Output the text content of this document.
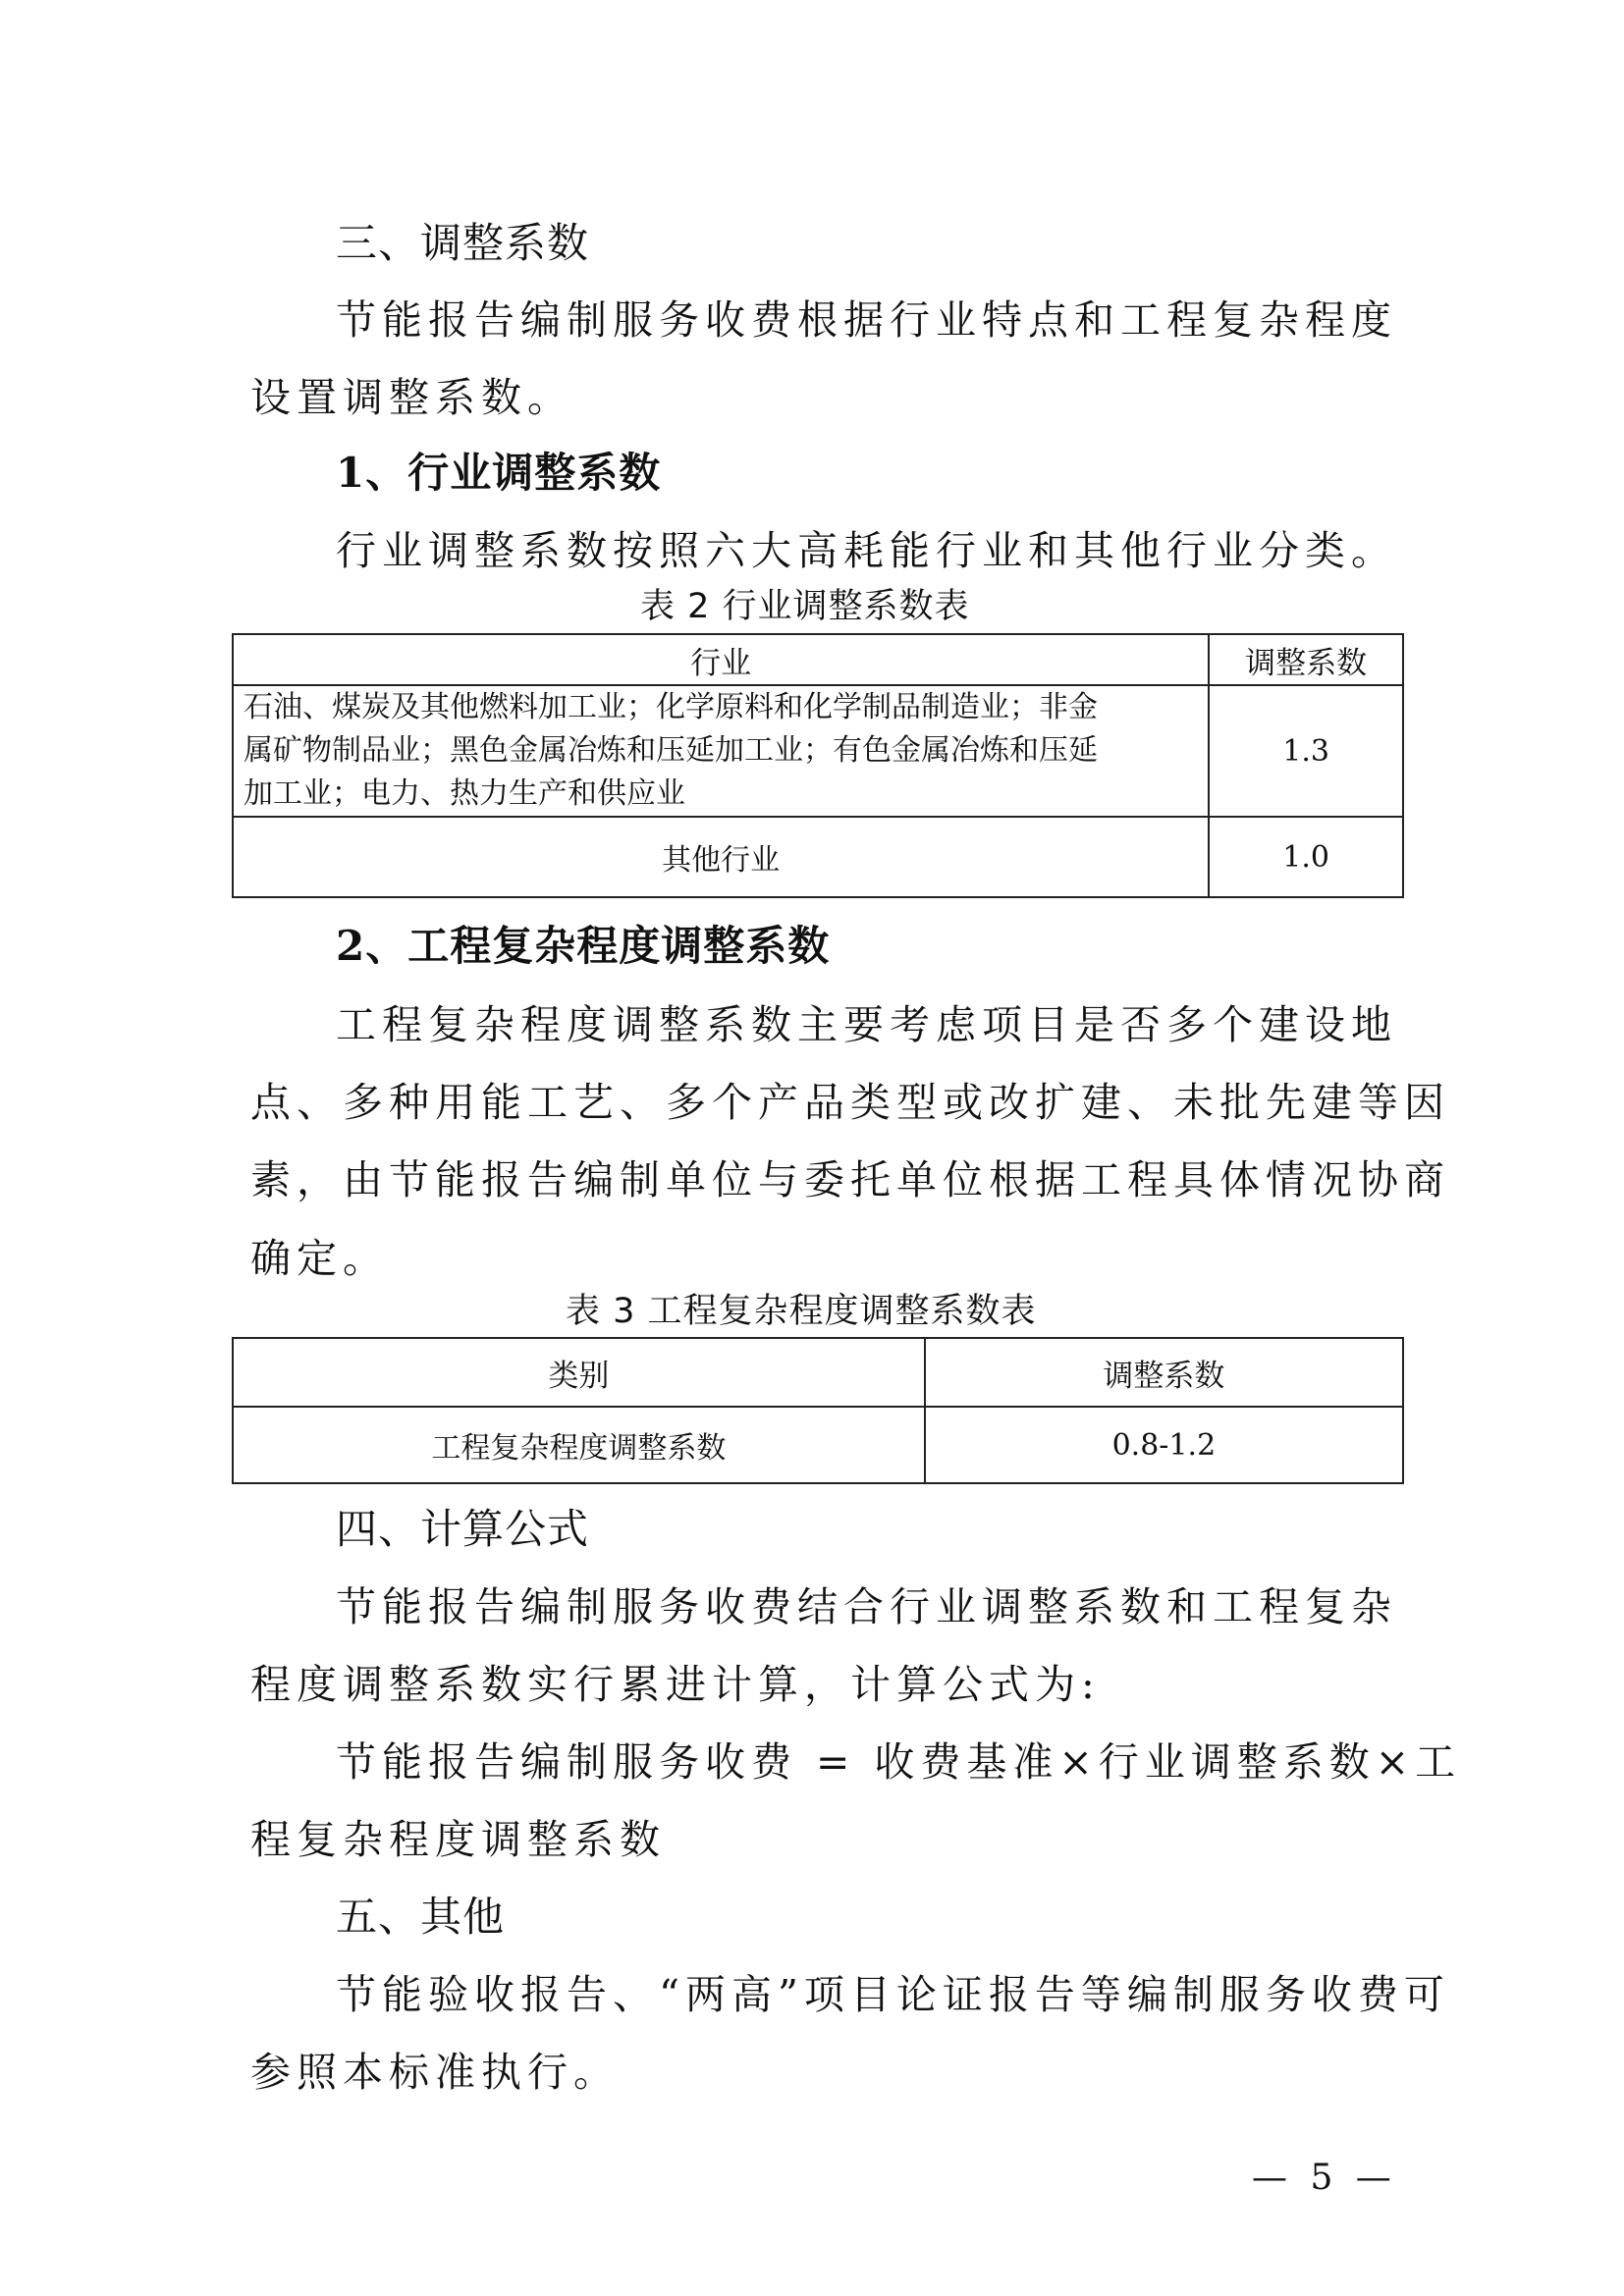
三、调整系数
节能报告编制服务收费根据行业特点和工程复杂程度
设置调整系数。
1、行业调整系数
行业调整系数按照六大高耗能行业和其他行业分类。
表 2 行业调整系数表
行业	调整系数

石油、煤炭及其他燃料加工业；化学原料和化学制品制造业；非金
属矿物制品业；黑色金属冶炼和压延加工业；有色金属冶炼和压延
加工业；电力、热力生产和供应业	1.3
其他行业	1.0
2、工程复杂程度调整系数
工程复杂程度调整系数主要考虑项目是否多个建设地
点、多种用能工艺、多个产品类型或改扩建、未批先建等因
素，由节能报告编制单位与委托单位根据工程具体情况协商
确定。
表 3 工程复杂程度调整系数表
类别	调整系数
工程复杂程度调整系数	0.8-1.2
四、计算公式
节能报告编制服务收费结合行业调整系数和工程复杂
程度调整系数实行累进计算，计算公式为:
节能报告编制服务收费 = 收费基准×行业调整系数×工
程复杂程度调整系数
五、其他
节能验收报告、“两高”项目论证报告等编制服务收费可
参照本标准执行。
— 5 —
